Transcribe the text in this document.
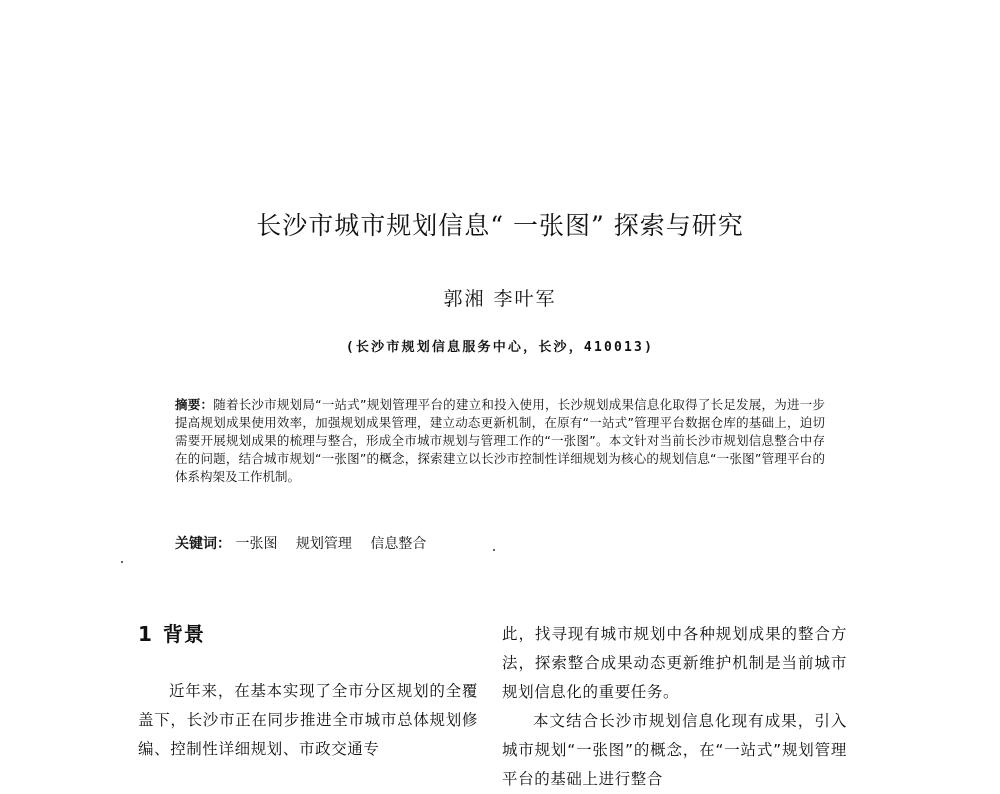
长沙市城市规划信息“ 一张图” 探索与研究
郭湘 李叶军
(长沙市规划信息服务中心，长沙，410013)
摘要：随着长沙市规划局“一站式”规划管理平台的建立和投入使用，长沙规划成果信息化取得了长足发展，为进一步提高规划成果使用效率，加强规划成果管理，建立动态更新机制，在原有“一站式”管理平台数据仓库的基础上，迫切需要开展规划成果的梳理与整合，形成全市城市规划与管理工作的“一张图”。本文针对当前长沙市规划信息整合中存在的问题，结合城市规划“一张图”的概念，探索建立以长沙市控制性详细规划为核心的规划信息“一张图”管理平台的体系构架及工作机制。
关键词： 一张图 规划管理 信息整合
1 背景

近年来，在基本实现了全市分区规划的全覆盖下，长沙市正在同步推进全市城市总体规划修编、控制性详细规划、市政交通专

此，找寻现有城市规划中各种规划成果的整合方法，探索整合成果动态更新维护机制是当前城市规划信息化的重要任务。

本文结合长沙市规划信息化现有成果，引入城市规划“一张图”的概念，在“一站式”规划管理平台的基础上进行整合
